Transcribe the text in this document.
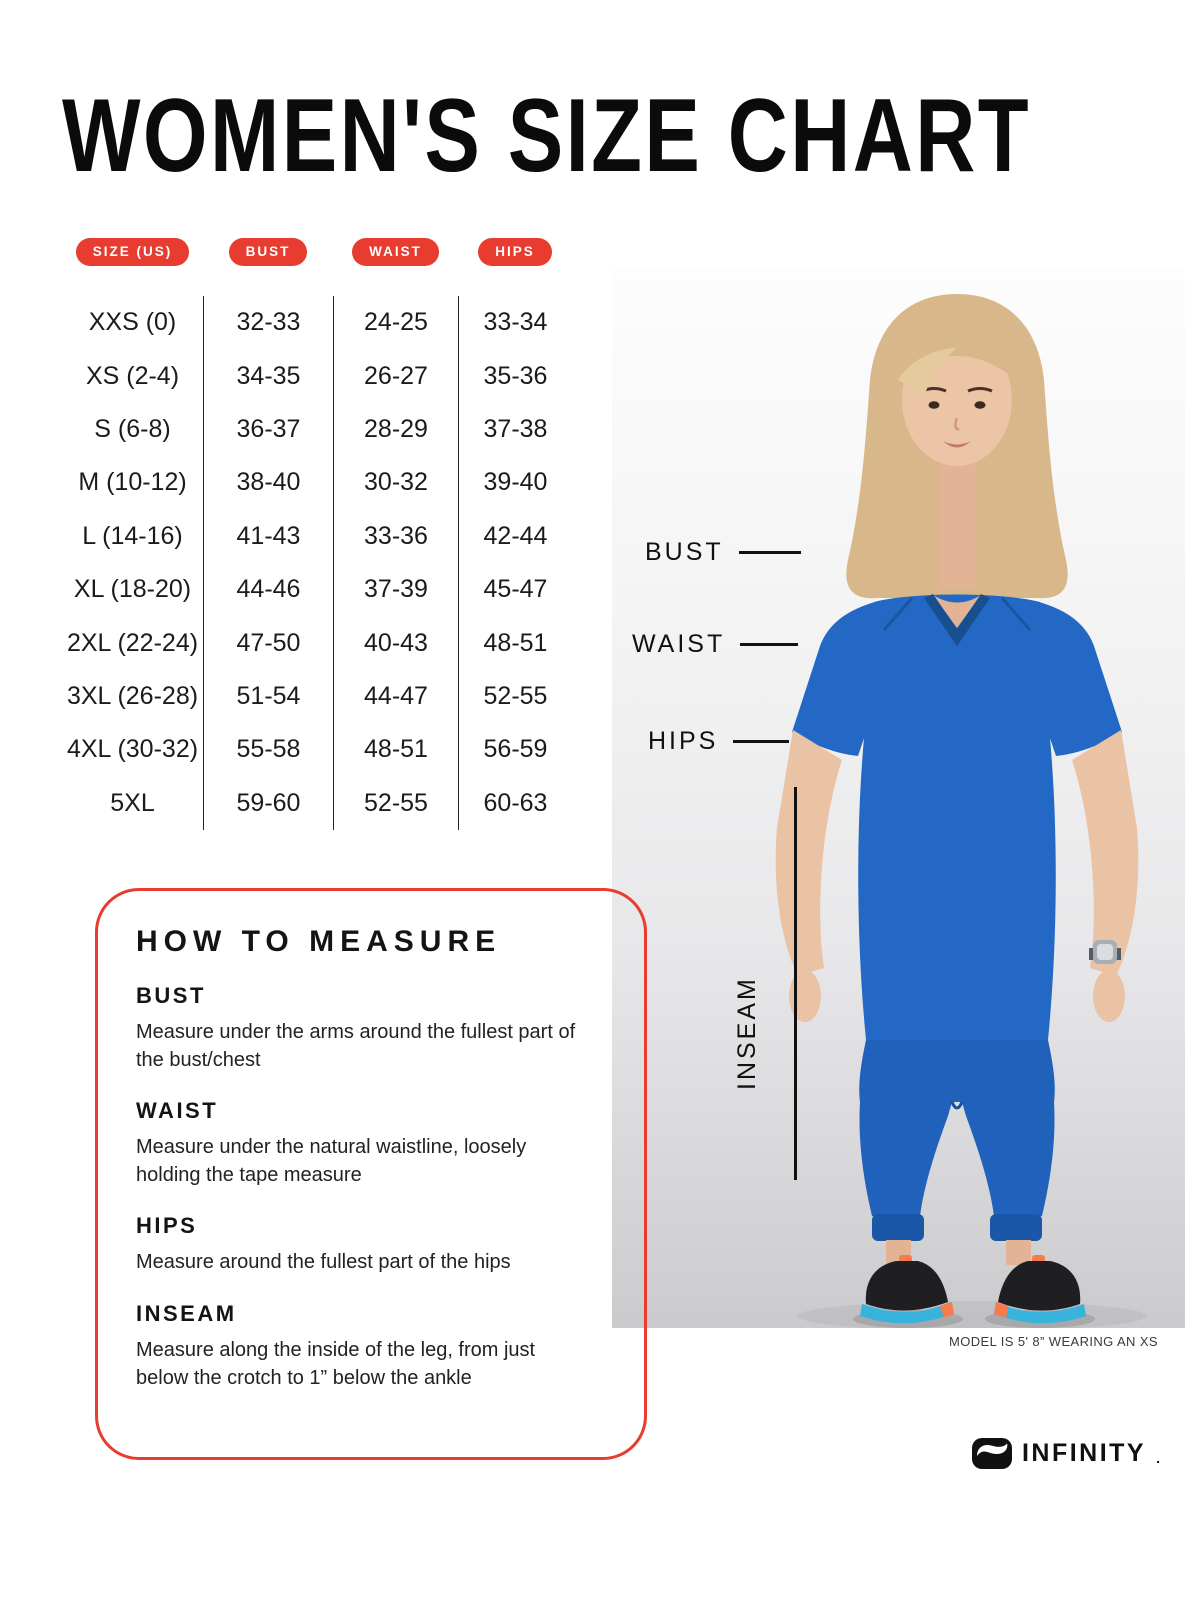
WOMEN'S SIZE CHART
SIZE (US)	BUST	WAIST	HIPS
XXS (0)	32-33	24-25	33-34
XS (2-4)	34-35	26-27	35-36
S (6-8)	36-37	28-29	37-38
M (10-12)	38-40	30-32	39-40
L (14-16)	41-43	33-36	42-44
XL (18-20)	44-46	37-39	45-47
2XL (22-24)	47-50	40-43	48-51
3XL (26-28)	51-54	44-47	52-55
4XL (30-32)	55-58	48-51	56-59
5XL	59-60	52-55	60-63
BUST
WAIST
HIPS
INSEAM
MODEL IS 5' 8” WEARING AN XS

HOW TO MEASURE

BUST

Measure under the arms around the fullest part of the bust/chest

WAIST

Measure under the natural waistline, loosely holding the tape measure

HIPS

Measure around the fullest part of the hips

INSEAM

Measure along the inside of the leg, from just below the crotch to 1” below the ankle

INFINITY .
